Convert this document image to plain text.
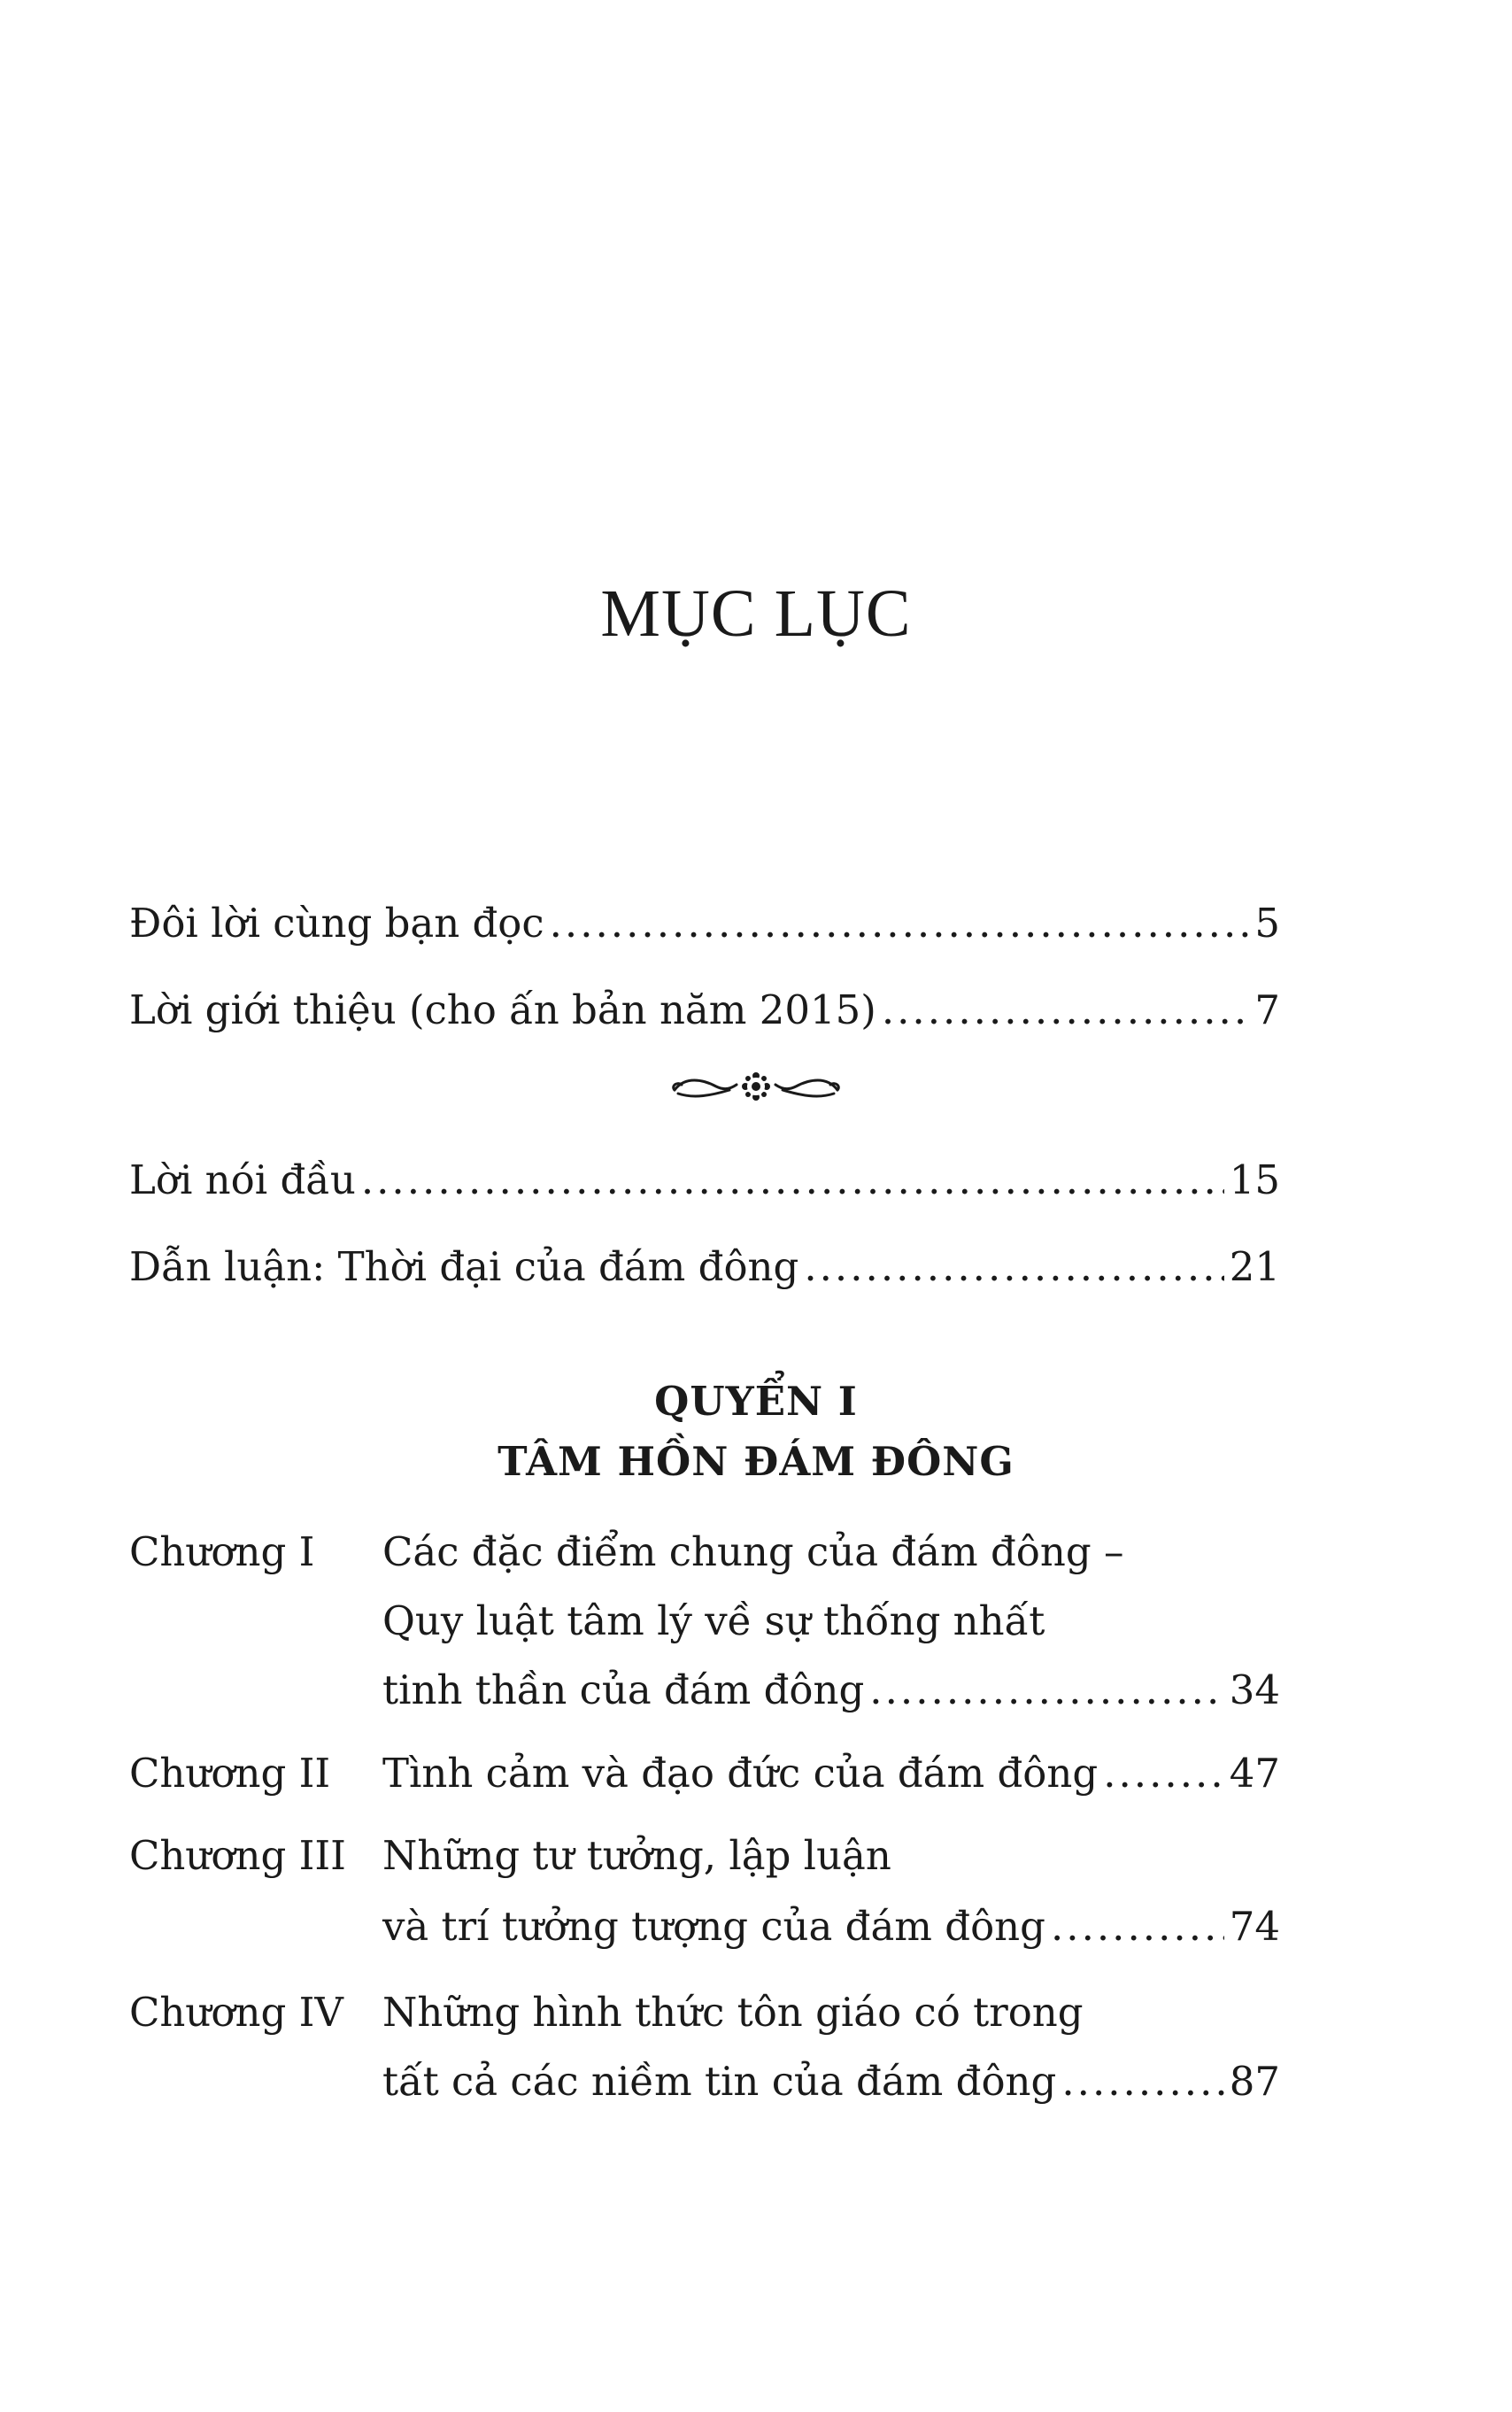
MỤC LỤC
Đôi lời cùng bạn đọc .....	5
Lời giới thiệu (cho ấn bản năm 2015) .....	7
Lời nói đầu .....	15
Dẫn luận: Thời đại của đám đông .....	21
QUYỂN I
TÂM HỒN ĐÁM ĐÔNG
Chương I Các đặc điểm chung của đám đông –
Quy luật tâm lý về sự thống nhất
tinh thần của đám đông .....	34
Chương II Tình cảm và đạo đức của đám đông .....	47
Chương III Những tư tưởng, lập luận
và trí tưởng tượng của đám đông .....	74
Chương IV Những hình thức tôn giáo có trong
tất cả các niềm tin của đám đông .....	87
